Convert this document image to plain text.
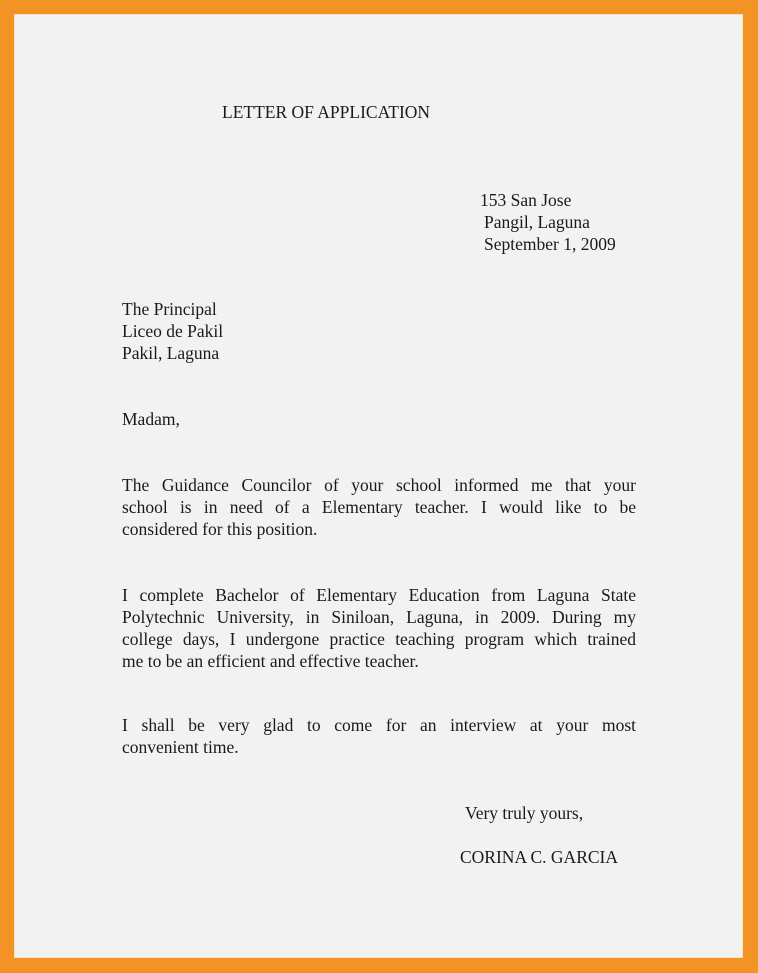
LETTER OF APPLICATION
153 San Jose
Pangil, Laguna
September 1, 2009
The Principal
Liceo de Pakil
Pakil, Laguna
Madam,
The Guidance Councilor of your school informed me that your
school is in need of a Elementary teacher. I would like to be
considered for this position.
I complete Bachelor of Elementary Education from Laguna State
Polytechnic University, in Siniloan, Laguna, in 2009. During my
college days, I undergone practice teaching program which trained
me to be an efficient and effective teacher.
I shall be very glad to come for an interview at your most
convenient time.
Very truly yours,
CORINA C. GARCIA
